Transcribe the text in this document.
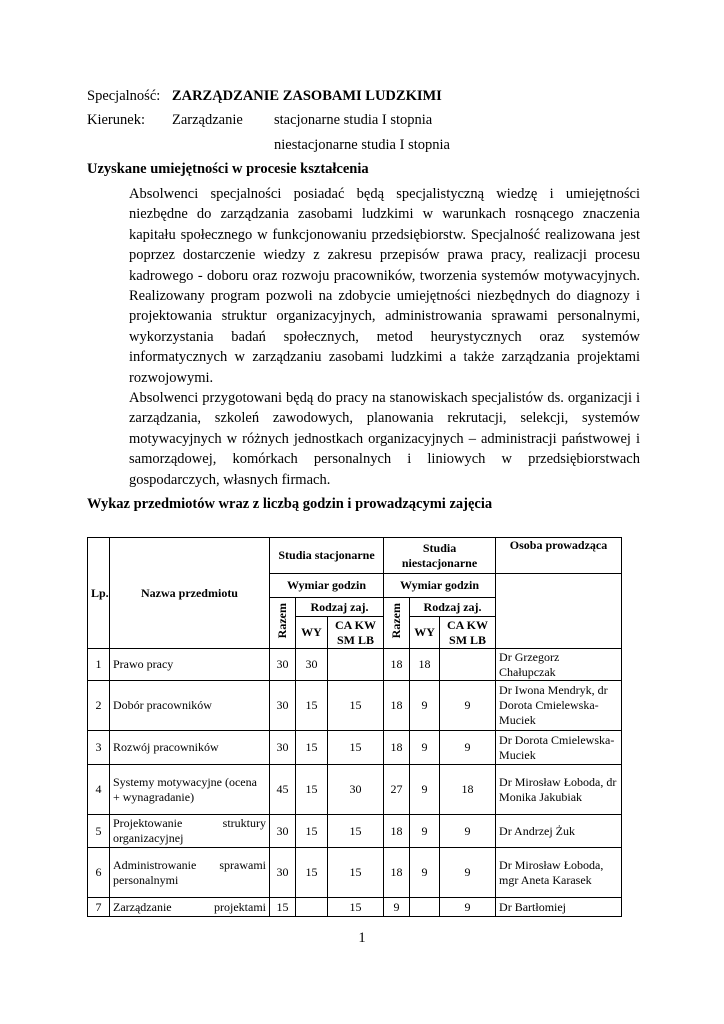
Specjalność: ZARZĄDZANIE ZASOBAMI LUDZKIMI
Kierunek: Zarządzanie stacjonarne studia I stopnia
niestacjonarne studia I stopnia
Uzyskane umiejętności w procesie kształcenia

Absolwenci specjalności posiadać będą specjalistyczną wiedzę i umiejętności niezbędne do zarządzania zasobami ludzkimi w warunkach rosnącego znaczenia kapitału społecznego w funkcjonowaniu przedsiębiorstw. Specjalność realizowana jest poprzez dostarczenie wiedzy z zakresu przepisów prawa pracy, realizacji procesu kadrowego - doboru oraz rozwoju pracowników, tworzenia systemów motywacyjnych. Realizowany program pozwoli na zdobycie umiejętności niezbędnych do diagnozy i projektowania struktur organizacyjnych, administrowania sprawami personalnymi, wykorzystania badań społecznych, metod heurystycznych oraz systemów informatycznych w zarządzaniu zasobami ludzkimi a także zarządzania projektami rozwojowymi.

Absolwenci przygotowani będą do pracy na stanowiskach specjalistów ds. organizacji i zarządzania, szkoleń zawodowych, planowania rekrutacji, selekcji, systemów motywacyjnych w różnych jednostkach organizacyjnych – administracji państwowej i samorządowej, komórkach personalnych i liniowych w przedsiębiorstwach gospodarczych, własnych firmach.

Wykaz przedmiotów wraz z liczbą godzin i prowadzącymi zajęcia
Lp.	Nazwa przedmiotu	Studia stacjonarne			Studia niestacjonarne			Osoba prowadząca
		Wymiar godzin			Wymiar godzin			
		Razem	Rodzaj zaj.		Razem	Rodzaj zaj.		
			WY	CA KW SM LB		WY	CA KW SM LB	
1	Prawo pracy	30	30		18	18		Dr Grzegorz Chałupczak
2	Dobór pracowników	30	15	15	18	9	9	Dr Iwona Mendryk, dr Dorota Cmielewska-Muciek
3	Rozwój pracowników	30	15	15	18	9	9	Dr Dorota Cmielewska-Muciek
4	Systemy motywacyjne (ocena + wynagradanie)	45	15	30	27	9	18	Dr Mirosław Łoboda, dr Monika Jakubiak
5	Projektowanie struktury organizacyjnej	30	15	15	18	9	9	Dr Andrzej Żuk
6	Administrowanie sprawami personalnymi	30	15	15	18	9	9	Dr Mirosław Łoboda, mgr Aneta Karasek
7	Zarządzanie projektami	15		15	9		9	Dr Bartłomiej
1
